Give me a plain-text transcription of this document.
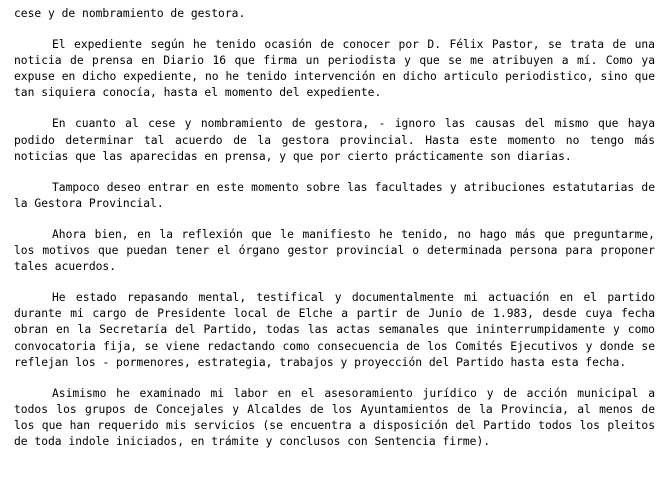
cese y de nombramiento de gestora.

El expediente según he tenido ocasión de conocer por D. Félix Pastor, se trata de una noticia de prensa en Diario 16 que firma un periodista y que se me atribuyen a mí. Como ya expuse en dicho expediente, no he tenido intervención en dicho articulo periodistico, sino que tan siquiera conocía, hasta el momento del expediente.

En cuanto al cese y nombramiento de gestora, - ignoro las causas del mismo que haya podido determinar tal acuerdo de la gestora provincial. Hasta este momento no tengo más noticias que las aparecidas en prensa, y que por cierto prácticamente son diarias.

Tampoco deseo entrar en este momento sobre las facultades y atribuciones estatutarias de la Gestora Provincial.

Ahora bien, en la reflexión que le manifiesto he tenido, no hago más que preguntarme, los motivos que puedan tener el órgano gestor provincial o determinada persona para proponer tales acuerdos.

He estado repasando mental, testifical y documentalmente mi actuación en el partido durante mi cargo de Presidente local de Elche a partir de Junio de 1.983, desde cuya fecha obran en la Secretaría del Partido, todas las actas semanales que ininterrumpidamente y como convocatoria fija, se viene redactando como consecuencia de los Comités Ejecutivos y donde se reflejan los - pormenores, estrategia, trabajos y proyección del Partido hasta esta fecha.

Asimismo he examinado mi labor en el asesoramiento jurídico y de acción municipal a todos los grupos de Concejales y Alcaldes de los Ayuntamientos de la Provincia, al menos de los que han requerido mis servicios (se encuentra a disposición del Partido todos los pleitos de toda indole iniciados, en trámite y conclusos con Sentencia firme).
